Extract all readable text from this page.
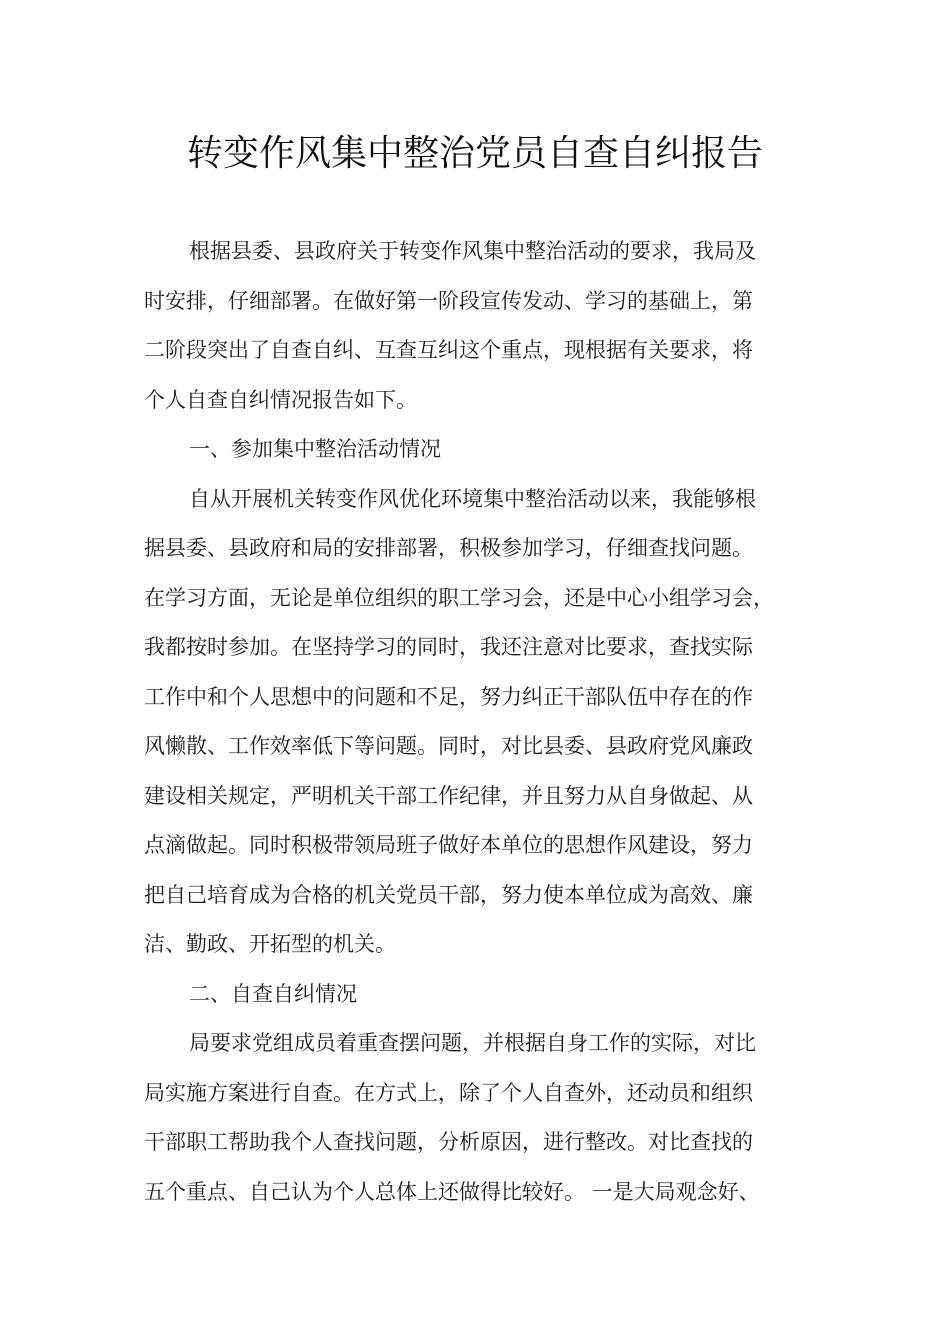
转变作风集中整治党员自查自纠报告
根据县委、县政府关于转变作风集中整治活动的要求，我局及
时安排，仔细部署。在做好第一阶段宣传发动、学习的基础上，第
二阶段突出了自查自纠、互查互纠这个重点，现根据有关要求，将
个人自查自纠情况报告如下。
一、参加集中整治活动情况
自从开展机关转变作风优化环境集中整治活动以来，我能够根
据县委、县政府和局的安排部署，积极参加学习，仔细查找问题。
在学习方面，无论是单位组织的职工学习会，还是中心小组学习会，
我都按时参加。在坚持学习的同时，我还注意对比要求，查找实际
工作中和个人思想中的问题和不足，努力纠正干部队伍中存在的作
风懒散、工作效率低下等问题。同时，对比县委、县政府党风廉政
建设相关规定，严明机关干部工作纪律，并且努力从自身做起、从
点滴做起。同时积极带领局班子做好本单位的思想作风建设，努力
把自己培育成为合格的机关党员干部，努力使本单位成为高效、廉
洁、勤政、开拓型的机关。
二、自查自纠情况
局要求党组成员着重查摆问题，并根据自身工作的实际，对比
局实施方案进行自查。在方式上，除了个人自查外，还动员和组织
干部职工帮助我个人查找问题，分析原因，进行整改。对比查找的
五个重点、自己认为个人总体上还做得比较好。 一是大局观念好、
